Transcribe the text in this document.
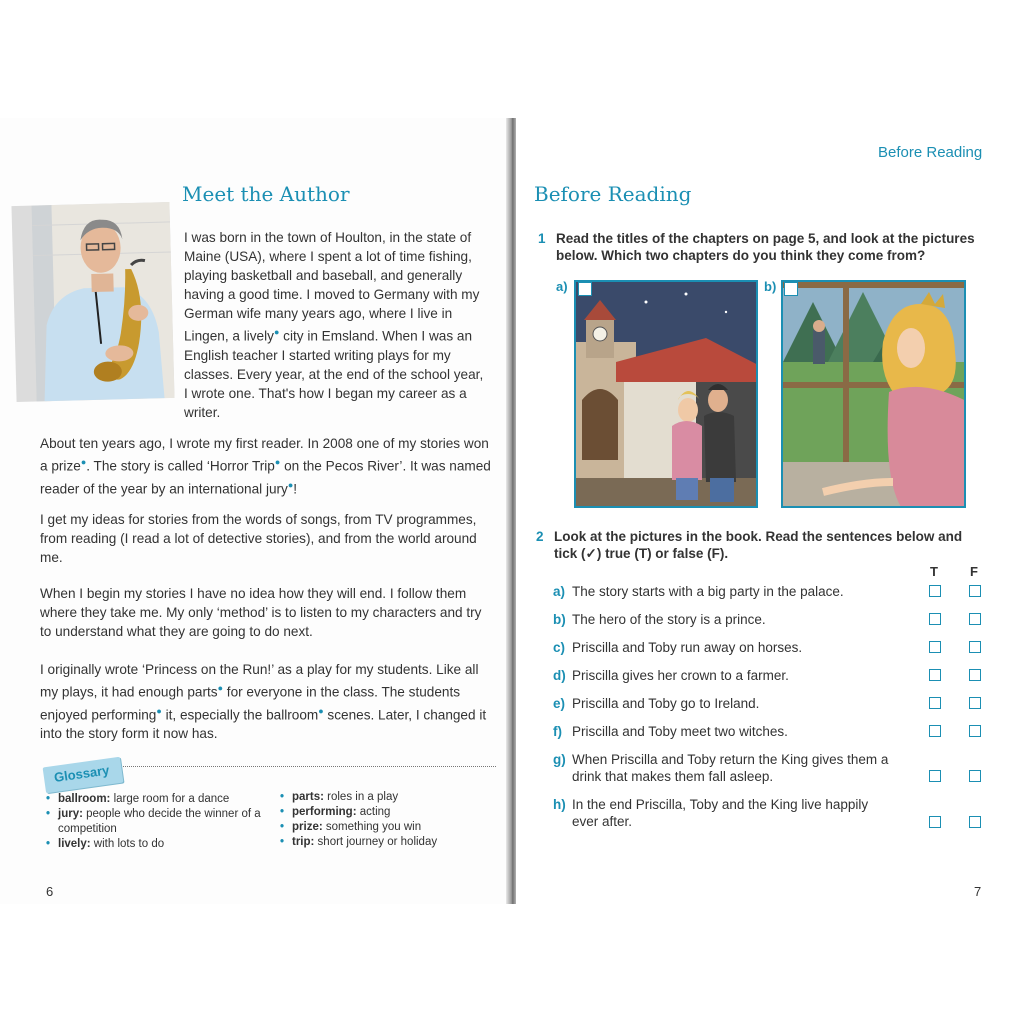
Meet the Author
I was born in the town of Houlton, in the state of Maine (USA), where I spent a lot of time fishing, playing basketball and baseball, and generally having a good time. I moved to Germany with my German wife many years ago, where I live in Lingen, a lively● city in Emsland. When I was an English teacher I started writing plays for my classes. Every year, at the end of the school year, I wrote one. That's how I began my career as a writer.
About ten years ago, I wrote my first reader. In 2008 one of my stories won a prize●. The story is called ‘Horror Trip● on the Pecos River’. It was named reader of the year by an international jury●!
I get my ideas for stories from the words of songs, from TV programmes, from reading (I read a lot of detective stories), and from the world around me.
When I begin my stories I have no idea how they will end. I follow them where they take me. My only ‘method’ is to listen to my characters and try to understand what they are going to do next.
I originally wrote ‘Princess on the Run!’ as a play for my students. Like all my plays, it had enough parts● for everyone in the class. The students enjoyed performing● it, especially the ballroom● scenes. Later, I changed it into the story form it now has.
Glossary
• ballroom: large room for a dance
• jury: people who decide the winner of a competition
• lively: with lots to do
• parts: roles in a play
• performing: acting
• prize: something you win
• trip: short journey or holiday
6
Before Reading
Before Reading
1 Read the titles of the chapters on page 5, and look at the pictures below. Which two chapters do you think they come from?
a)	b)
2 Look at the pictures in the book. Read the sentences below and tick (✓) true (T) or false (F).
T F
a) The story starts with a big party in the palace.
b) The hero of the story is a prince.
c) Priscilla and Toby run away on horses.
d) Priscilla gives her crown to a farmer.
e) Priscilla and Toby go to Ireland.
f) Priscilla and Toby meet two witches.
g) When Priscilla and Toby return the King gives them a drink that makes them fall asleep.
h) In the end Priscilla, Toby and the King live happily ever after.
7
